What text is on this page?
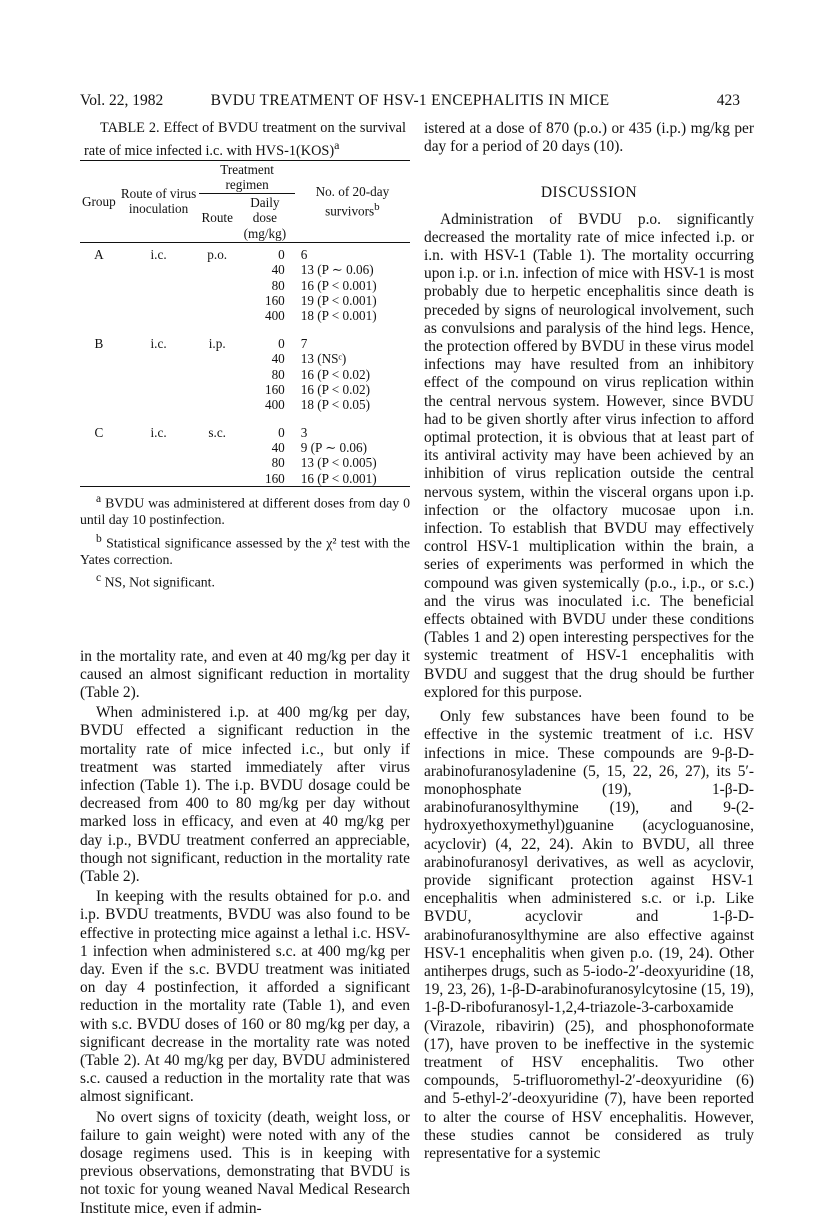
Vol. 22, 1982	BVDU TREATMENT OF HSV-1 ENCEPHALITIS IN MICE	423

TABLE 2. Effect of BVDU treatment on the survival rate of mice infected i.c. with HVS-1(KOS)$^a$

Group	Route of virus inoculation	Treatment regimen		No. of 20-day survivors$^b$
		Route	Daily dose (mg/kg)	
A	i.c.	p.o.	0	6
			40	13 (P ∼ 0.06)
			80	16 (P < 0.001)
			160	19 (P < 0.001)
			400	18 (P < 0.001)

B	i.c.	i.p.	0	7
			40	13 (NSᶜ)
			80	16 (P < 0.02)
			160	16 (P < 0.02)
			400	18 (P < 0.05)

C	i.c.	s.c.	0	3
			40	9 (P ∼ 0.06)
			80	13 (P < 0.005)
			160	16 (P < 0.001)

$^a$ BVDU was administered at different doses from day 0 until day 10 postinfection.

$^b$ Statistical significance assessed by the χ² test with the Yates correction.

$^c$ NS, Not significant.

in the mortality rate, and even at 40 mg/kg per day it caused an almost significant reduction in mortality (Table 2).

When administered i.p. at 400 mg/kg per day, BVDU effected a significant reduction in the mortality rate of mice infected i.c., but only if treatment was started immediately after virus infection (Table 1). The i.p. BVDU dosage could be decreased from 400 to 80 mg/kg per day without marked loss in efficacy, and even at 40 mg/kg per day i.p., BVDU treatment conferred an appreciable, though not significant, reduction in the mortality rate (Table 2).

In keeping with the results obtained for p.o. and i.p. BVDU treatments, BVDU was also found to be effective in protecting mice against a lethal i.c. HSV-1 infection when administered s.c. at 400 mg/kg per day. Even if the s.c. BVDU treatment was initiated on day 4 postinfection, it afforded a significant reduction in the mortality rate (Table 1), and even with s.c. BVDU doses of 160 or 80 mg/kg per day, a significant decrease in the mortality rate was noted (Table 2). At 40 mg/kg per day, BVDU administered s.c. caused a reduction in the mortality rate that was almost significant.

No overt signs of toxicity (death, weight loss, or failure to gain weight) were noted with any of the dosage regimens used. This is in keeping with previous observations, demonstrating that BVDU is not toxic for young weaned Naval Medical Research Institute mice, even if admin-

istered at a dose of 870 (p.o.) or 435 (i.p.) mg/kg per day for a period of 20 days (10).

DISCUSSION

Administration of BVDU p.o. significantly decreased the mortality rate of mice infected i.p. or i.n. with HSV-1 (Table 1). The mortality occurring upon i.p. or i.n. infection of mice with HSV-1 is most probably due to herpetic encephalitis since death is preceded by signs of neurological involvement, such as convulsions and paralysis of the hind legs. Hence, the protection offered by BVDU in these virus model infections may have resulted from an inhibitory effect of the compound on virus replication within the central nervous system. However, since BVDU had to be given shortly after virus infection to afford optimal protection, it is obvious that at least part of its antiviral activity may have been achieved by an inhibition of virus replication outside the central nervous system, within the visceral organs upon i.p. infection or the olfactory mucosae upon i.n. infection. To establish that BVDU may effectively control HSV-1 multiplication within the brain, a series of experiments was performed in which the compound was given systemically (p.o., i.p., or s.c.) and the virus was inoculated i.c. The beneficial effects obtained with BVDU under these conditions (Tables 1 and 2) open interesting perspectives for the systemic treatment of HSV-1 encephalitis with BVDU and suggest that the drug should be further explored for this purpose.

Only few substances have been found to be effective in the systemic treatment of i.c. HSV infections in mice. These compounds are 9-β-D-arabinofuranosyladenine (5, 15, 22, 26, 27), its 5′-monophosphate (19), 1-β-D-arabinofuranosylthymine (19), and 9-(2-hydroxyethoxymethyl)guanine (acycloguanosine, acyclovir) (4, 22, 24). Akin to BVDU, all three arabinofuranosyl derivatives, as well as acyclovir, provide significant protection against HSV-1 encephalitis when administered s.c. or i.p. Like BVDU, acyclovir and 1-β-D-arabinofuranosylthymine are also effective against HSV-1 encephalitis when given p.o. (19, 24). Other antiherpes drugs, such as 5-iodo-2′-deoxyuridine (18, 19, 23, 26), 1-β-D-arabinofuranosylcytosine (15, 19), 1-β-D-ribofuranosyl-1,2,4-triazole-3-carboxamide (Virazole, ribavirin) (25), and phosphonoformate (17), have proven to be ineffective in the systemic treatment of HSV encephalitis. Two other compounds, 5-trifluoromethyl-2′-deoxyuridine (6) and 5-ethyl-2′-deoxyuridine (7), have been reported to alter the course of HSV encephalitis. However, these studies cannot be considered as truly representative for a systemic
